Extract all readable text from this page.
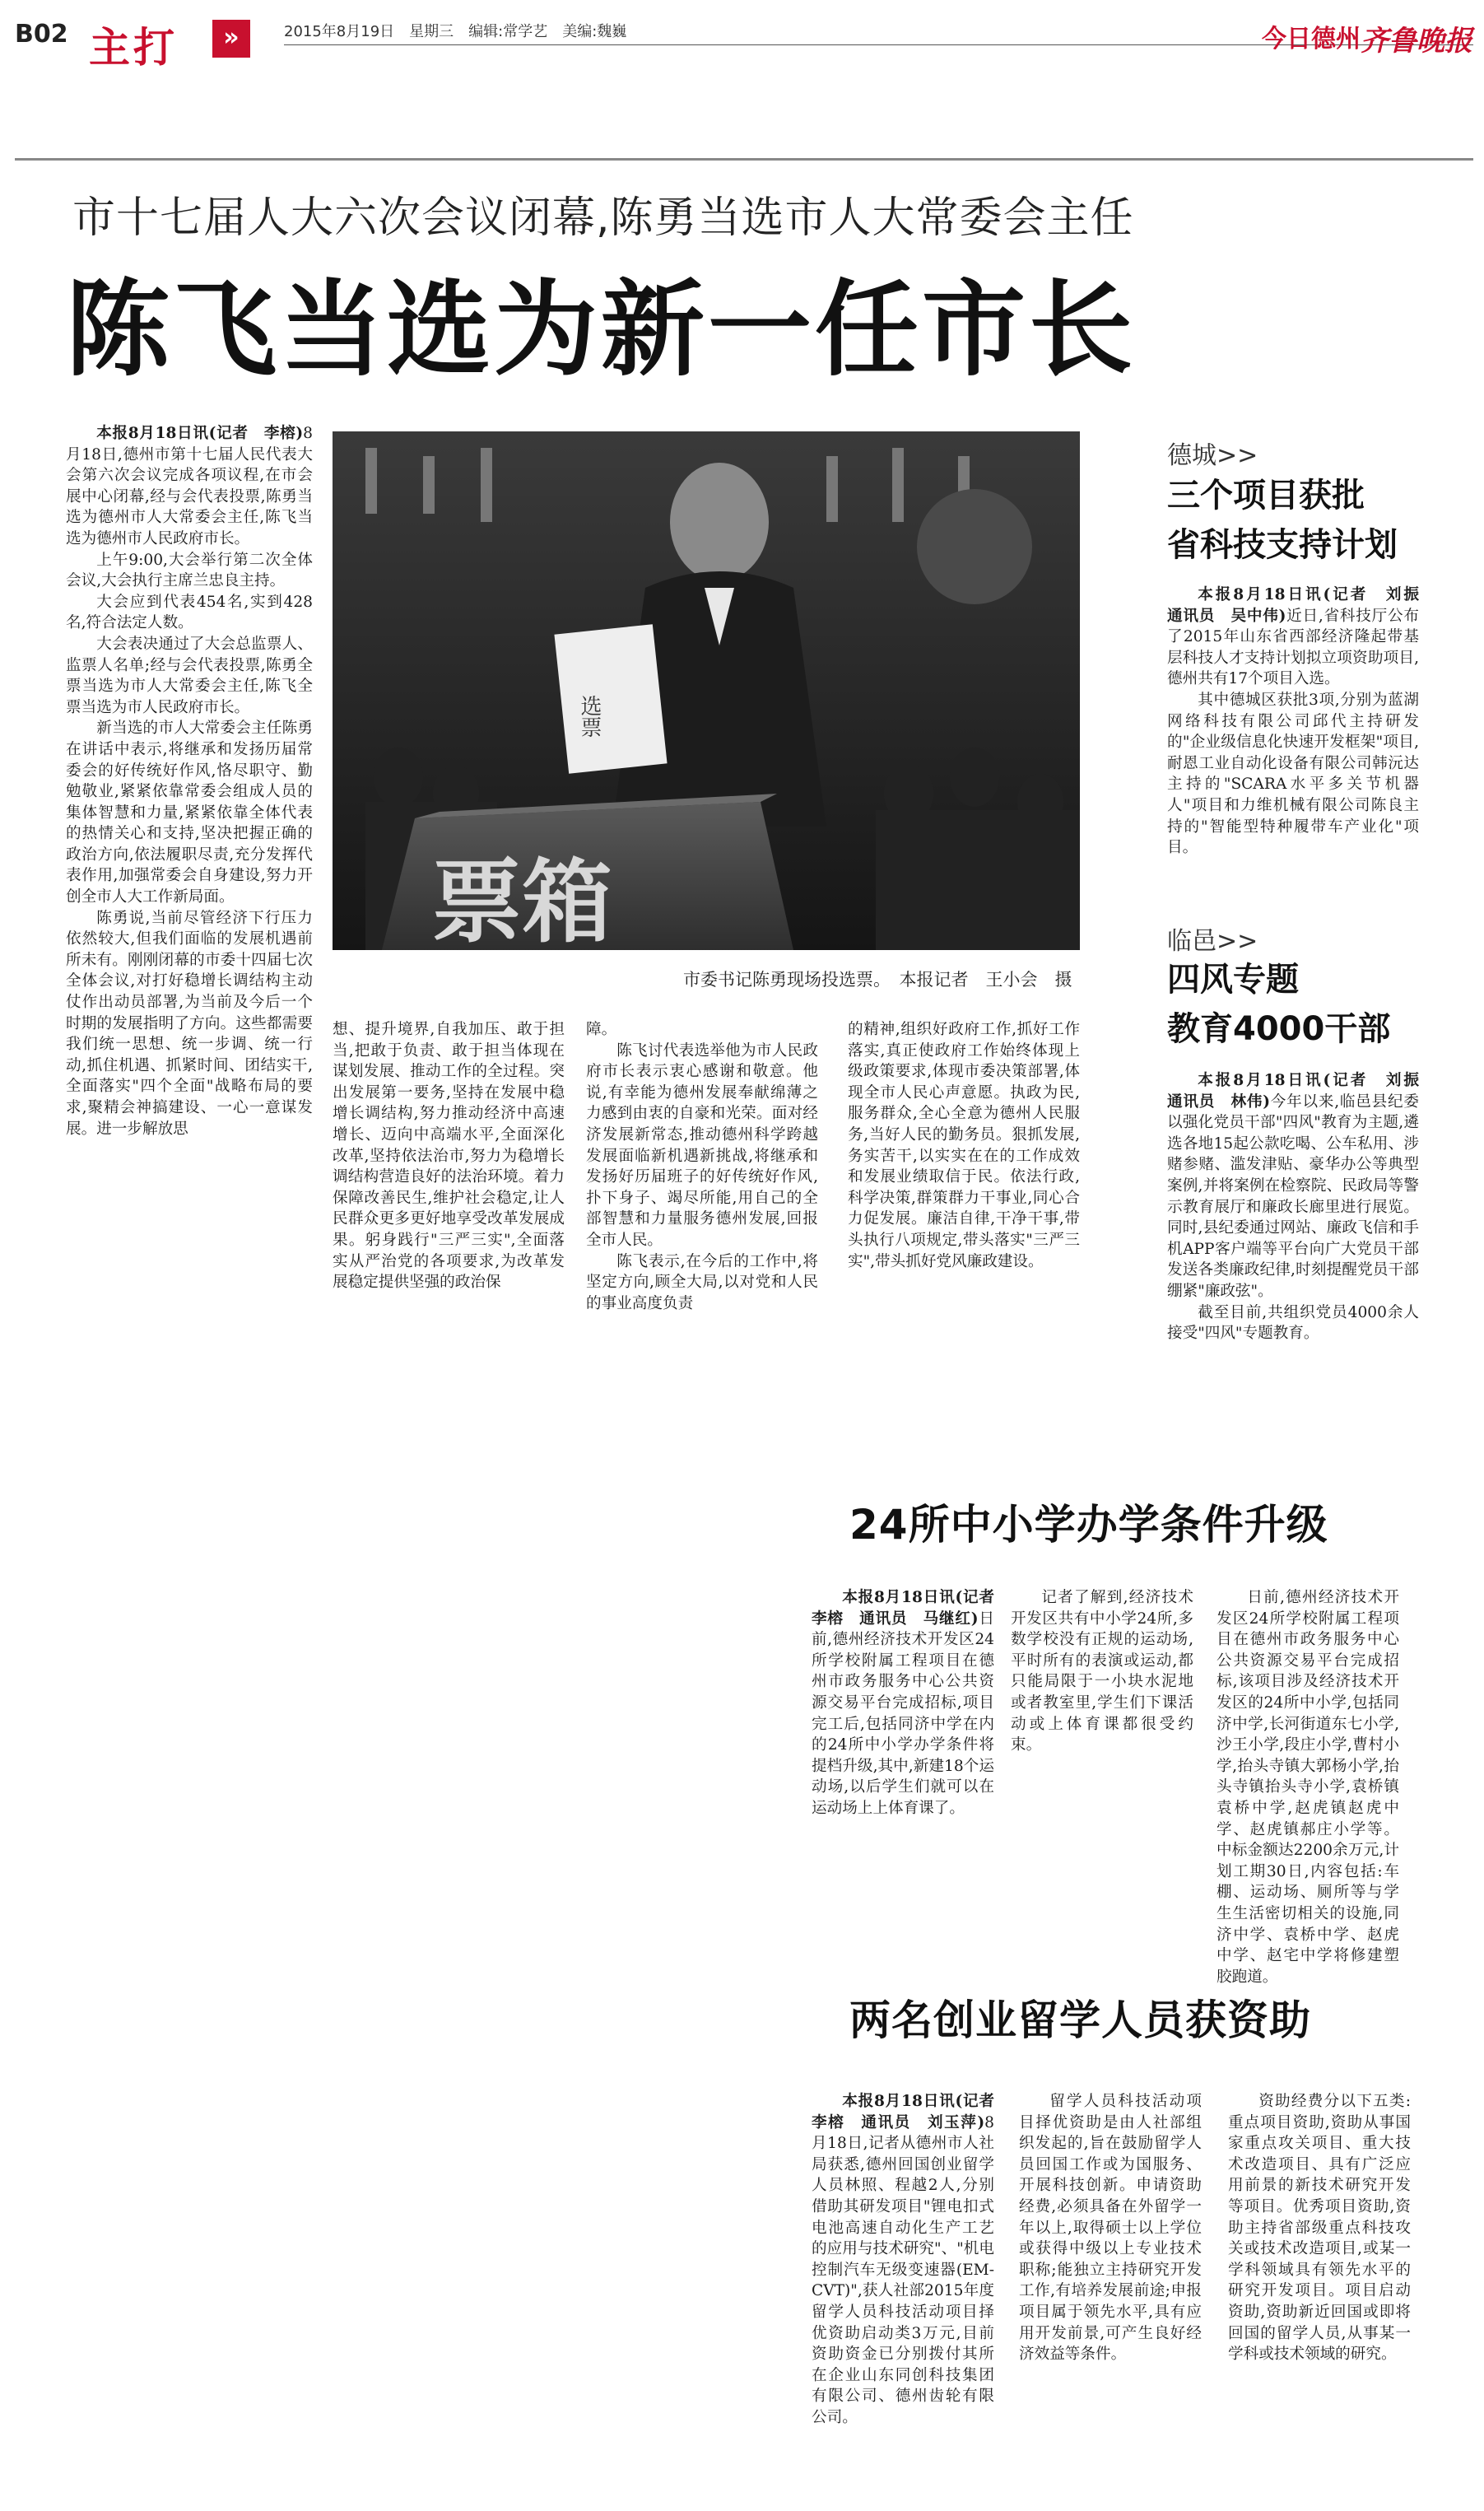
B02 主打	»	2015年8月19日　星期三　编辑:常学艺　美编:魏巍	今日德州 齐鲁晚报
市十七届人大六次会议闭幕,陈勇当选市人大常委会主任
陈飞当选为新一任市长

本报8月18日讯(记者　李榕)8月18日,德州市第十七届人民代表大会第六次会议完成各项议程,在市会展中心闭幕,经与会代表投票,陈勇当选为德州市人大常委会主任,陈飞当选为德州市人民政府市长。

上午9:00,大会举行第二次全体会议,大会执行主席兰忠良主持。

大会应到代表454名,实到428名,符合法定人数。

大会表决通过了大会总监票人、监票人名单;经与会代表投票,陈勇全票当选为市人大常委会主任,陈飞全票当选为市人民政府市长。

新当选的市人大常委会主任陈勇在讲话中表示,将继承和发扬历届常委会的好传统好作风,恪尽职守、勤勉敬业,紧紧依靠常委会组成人员的集体智慧和力量,紧紧依靠全体代表的热情关心和支持,坚决把握正确的政治方向,依法履职尽责,充分发挥代表作用,加强常委会自身建设,努力开创全市人大工作新局面。

陈勇说,当前尽管经济下行压力依然较大,但我们面临的发展机遇前所未有。刚刚闭幕的市委十四届七次全体会议,对打好稳增长调结构主动仗作出动员部署,为当前及今后一个时期的发展指明了方向。这些都需要我们统一思想、统一步调、统一行动,抓住机遇、抓紧时间、团结实干,全面落实"四个全面"战略布局的要求,聚精会神搞建设、一心一意谋发展。进一步解放思

选票
票箱
市委书记陈勇现场投选票。　本报记者　王小会　摄

想、提升境界,自我加压、敢于担当,把敢于负责、敢于担当体现在谋划发展、推动工作的全过程。突出发展第一要务,坚持在发展中稳增长调结构,努力推动经济中高速增长、迈向中高端水平,全面深化改革,坚持依法治市,努力为稳增长调结构营造良好的法治环境。着力保障改善民生,维护社会稳定,让人民群众更多更好地享受改革发展成果。躬身践行"三严三实",全面落实从严治党的各项要求,为改革发展稳定提供坚强的政治保

障。

陈飞讨代表选举他为市人民政府市长表示衷心感谢和敬意。他说,有幸能为德州发展奉献绵薄之力感到由衷的自豪和光荣。面对经济发展新常态,推动德州科学跨越发展面临新机遇新挑战,将继承和发扬好历届班子的好传统好作风,扑下身子、竭尽所能,用自己的全部智慧和力量服务德州发展,回报全市人民。

陈飞表示,在今后的工作中,将坚定方向,顾全大局,以对党和人民的事业高度负责

的精神,组织好政府工作,抓好工作落实,真正使政府工作始终体现上级政策要求,体现市委决策部署,体现全市人民心声意愿。执政为民,服务群众,全心全意为德州人民服务,当好人民的勤务员。狠抓发展,务实苦干,以实实在在的工作成效和发展业绩取信于民。依法行政,科学决策,群策群力干事业,同心合力促发展。廉洁自律,干净干事,带头执行八项规定,带头落实"三严三实",带头抓好党风廉政建设。

德城>>
三个项目获批
省科技支持计划

本报8月18日讯(记者　刘振　通讯员　吴中伟)近日,省科技厅公布了2015年山东省西部经济隆起带基层科技人才支持计划拟立项资助项目,德州共有17个项目入选。

其中德城区获批3项,分别为蓝湖网络科技有限公司邱代主持研发的"企业级信息化快速开发框架"项目,耐恩工业自动化设备有限公司韩沅达主持的"SCARA水平多关节机器人"项目和力维机械有限公司陈良主持的"智能型特种履带车产业化"项目。

临邑>>
四风专题
教育4000干部

本报8月18日讯(记者　刘振　通讯员　林伟)今年以来,临邑县纪委以强化党员干部"四风"教育为主题,遴选各地15起公款吃喝、公车私用、涉赌参赌、滥发津贴、豪华办公等典型案例,并将案例在检察院、民政局等警示教育展厅和廉政长廊里进行展览。同时,县纪委通过网站、廉政飞信和手机APP客户端等平台向广大党员干部发送各类廉政纪律,时刻提醒党员干部绷紧"廉政弦"。

截至目前,共组织党员4000余人接受"四风"专题教育。

24所中小学办学条件升级

本报8月18日讯(记者　李榕　通讯员　马继红)日前,德州经济技术开发区24所学校附属工程项目在德州市政务服务中心公共资源交易平台完成招标,项目完工后,包括同济中学在内的24所中小学办学条件将提档升级,其中,新建18个运动场,以后学生们就可以在运动场上上体育课了。

记者了解到,经济技术开发区共有中小学24所,多数学校没有正规的运动场,平时所有的表演或运动,都只能局限于一小块水泥地或者教室里,学生们下课活动或上体育课都很受约束。

日前,德州经济技术开发区24所学校附属工程项目在德州市政务服务中心公共资源交易平台完成招标,该项目涉及经济技术开发区的24所中小学,包括同济中学,长河街道东七小学,沙王小学,段庄小学,曹村小学,抬头寺镇大郭杨小学,抬头寺镇抬头寺小学,袁桥镇袁桥中学,赵虎镇赵虎中学、赵虎镇郝庄小学等。中标金额达2200余万元,计划工期30日,内容包括:车棚、运动场、厕所等与学生生活密切相关的设施,同济中学、袁桥中学、赵虎中学、赵宅中学将修建塑胶跑道。

两名创业留学人员获资助

本报8月18日讯(记者　李榕　通讯员　刘玉萍)8月18日,记者从德州市人社局获悉,德州回国创业留学人员林照、程越2人,分别借助其研发项目"锂电扣式电池高速自动化生产工艺的应用与技术研究"、"机电控制汽车无级变速器(EM-CVT)",获人社部2015年度留学人员科技活动项目择优资助启动类3万元,目前资助资金已分别拨付其所在企业山东同创科技集团有限公司、德州齿轮有限公司。

留学人员科技活动项目择优资助是由人社部组织发起的,旨在鼓励留学人员回国工作或为国服务、开展科技创新。申请资助经费,必须具备在外留学一年以上,取得硕士以上学位或获得中级以上专业技术职称;能独立主持研究开发工作,有培养发展前途;申报项目属于领先水平,具有应用开发前景,可产生良好经济效益等条件。

资助经费分以下五类:重点项目资助,资助从事国家重点攻关项目、重大技术改造项目、具有广泛应用前景的新技术研究开发等项目。优秀项目资助,资助主持省部级重点科技攻关或技术改造项目,或某一学科领域具有领先水平的研究开发项目。项目启动资助,资助新近回国或即将回国的留学人员,从事某一学科或技术领域的研究。
